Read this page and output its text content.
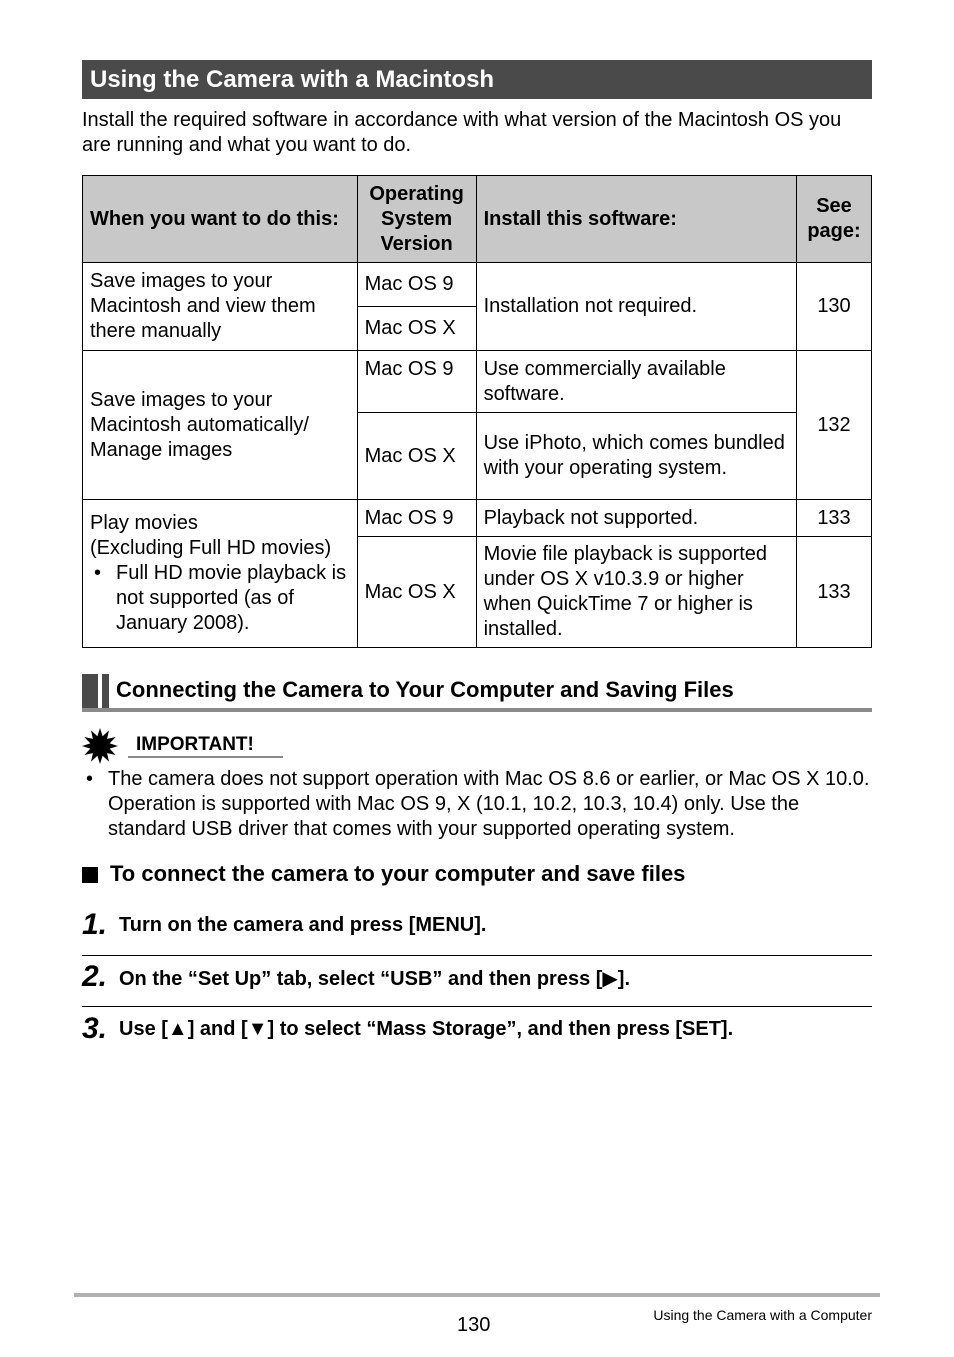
Using the Camera with a Macintosh
Install the required software in accordance with what version of the Macintosh OS you are running and what you want to do.
When you want to do this:	Operating System Version	Install this software:	See page:
Save images to your Macintosh and view them there manually	Mac OS 9	Installation not required.	130
	Mac OS X		
Save images to your Macintosh automatically/ Manage images	Mac OS 9	Use commercially available software.	132
	Mac OS X	Use iPhoto, which comes bundled with your operating system.	

Play movies
(Excluding Full HD movies)
• Full HD movie playback is not supported (as of January 2008).	Mac OS 9	Playback not supported.	133
	Mac OS X	Movie file playback is supported under OS X v10.3.9 or higher when QuickTime 7 or higher is installed.	133
Connecting the Camera to Your Computer and Saving Files
IMPORTANT!
• The camera does not support operation with Mac OS 8.6 or earlier, or Mac OS X 10.0. Operation is supported with Mac OS 9, X (10.1, 10.2, 10.3, 10.4) only. Use the standard USB driver that comes with your supported operating system.
To connect the camera to your computer and save files
1. Turn on the camera and press [MENU].
2. On the “Set Up” tab, select “USB” and then press [▶].
3. Use [▲] and [▼] to select “Mass Storage”, and then press [SET].
130	Using the Camera with a Computer
